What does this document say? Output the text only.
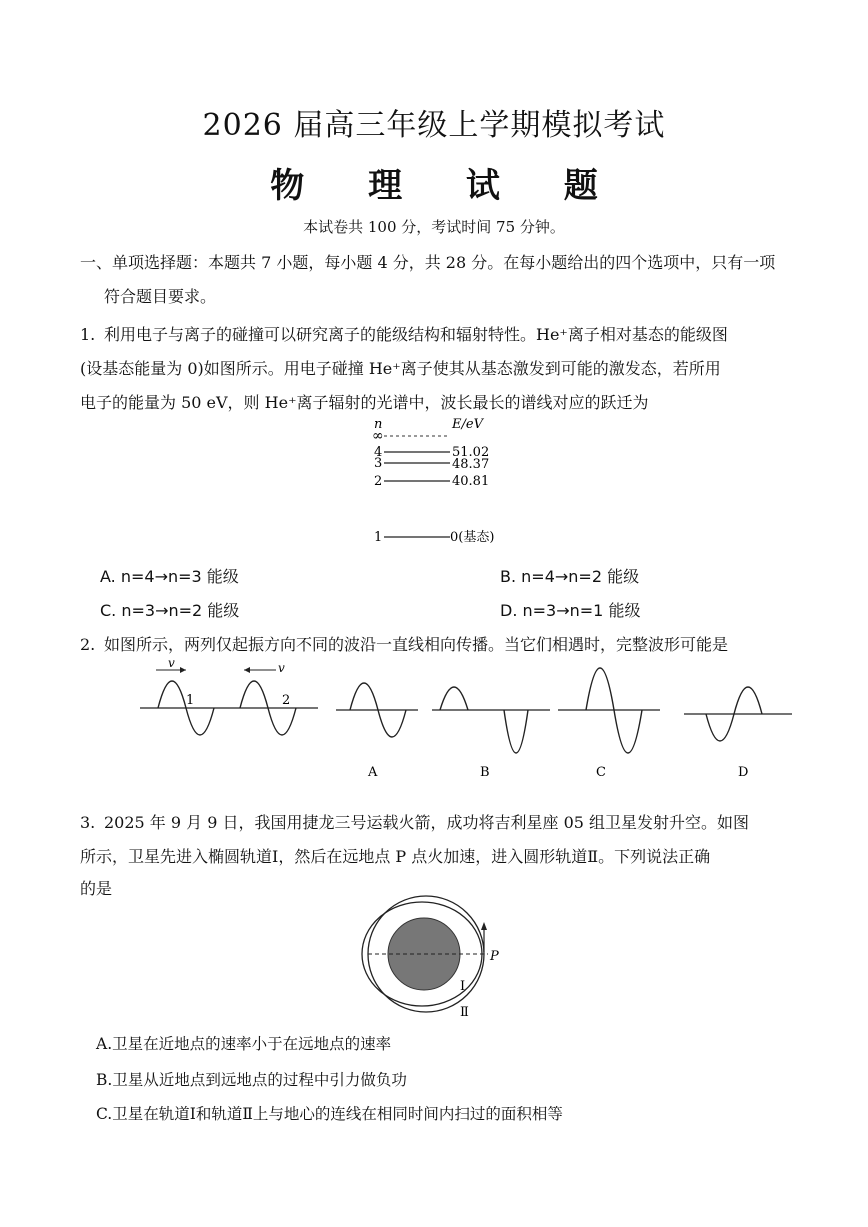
2026 届高三年级上学期模拟考试
物 理 试 题
本试卷共 100 分，考试时间 75 分钟。
一、单项选择题：本题共 7 小题，每小题 4 分，共 28 分。在每小题给出的四个选项中，只有一项
符合题目要求。
1. 利用电子与离子的碰撞可以研究离子的能级结构和辐射特性。He⁺离子相对基态的能级图
(设基态能量为 0)如图所示。用电子碰撞 He⁺离子使其从基态激发到可能的激发态，若所用
电子的能量为 50 eV，则 He⁺离子辐射的光谱中，波长最长的谱线对应的跃迁为
n	E/eV
∞
4	51.02
3	48.37
2	40.81
1	0(基态)
A. n=4→n=3 能级	B. n=4→n=2 能级
C. n=3→n=2 能级	D. n=3→n=1 能级
2. 如图所示，两列仅起振方向不同的波沿一直线相向传播。当它们相遇时，完整波形可能是
v	v
1	2
A	B	C	D
3. 2025 年 9 月 9 日，我国用捷龙三号运载火箭，成功将吉利星座 05 组卫星发射升空。如图
所示，卫星先进入椭圆轨道Ⅰ，然后在远地点 P 点火加速，进入圆形轨道Ⅱ。下列说法正确
的是
P
Ⅰ
Ⅱ
A.卫星在近地点的速率小于在远地点的速率
B.卫星从近地点到远地点的过程中引力做负功
C.卫星在轨道Ⅰ和轨道Ⅱ上与地心的连线在相同时间内扫过的面积相等
